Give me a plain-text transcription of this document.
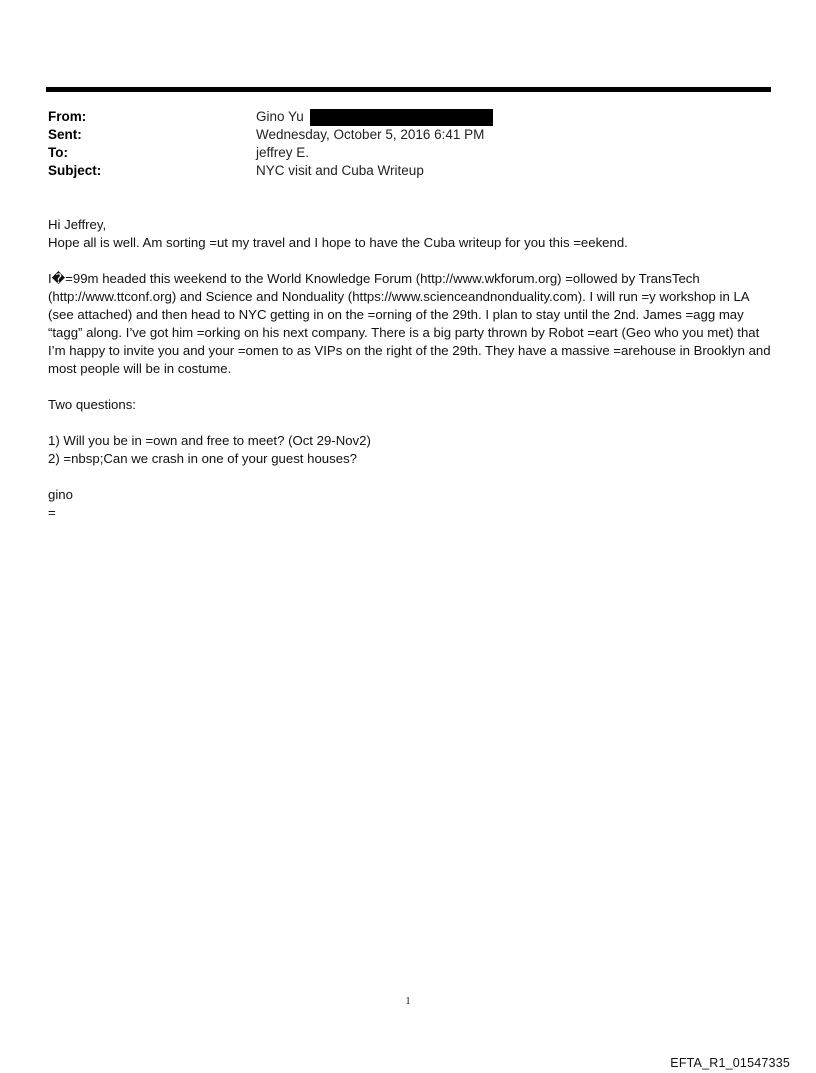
From:	Gino Yu
Sent:	Wednesday, October 5, 2016 6:41 PM
To:	jeffrey E.
Subject:	NYC visit and Cuba Writeup

Hi Jeffrey,

Hope all is well. Am sorting =ut my travel and I hope to have the Cuba writeup for you this =eekend.

I�=99m headed this weekend to the World Knowledge Forum (http://www.wkforum.org) =ollowed by TransTech (http://www.ttconf.org) and Science and Nonduality (https://www.scienceandnonduality.com). I will run =y workshop in LA (see attached) and then head to NYC getting in on the =orning of the 29th. I plan to stay until the 2nd. James =agg may “tagg” along. I’ve got him =orking on his next company. There is a big party thrown by Robot =eart (Geo who you met) that I’m happy to invite you and your =omen to as VIPs on the right of the 29th. They have a massive =arehouse in Brooklyn and most people will be in costume.

Two questions:

1) Will you be in =own and free to meet? (Oct 29-Nov2)

2) =nbsp;Can we crash in one of your guest houses?

gino

=

1
EFTA_R1_01547335
